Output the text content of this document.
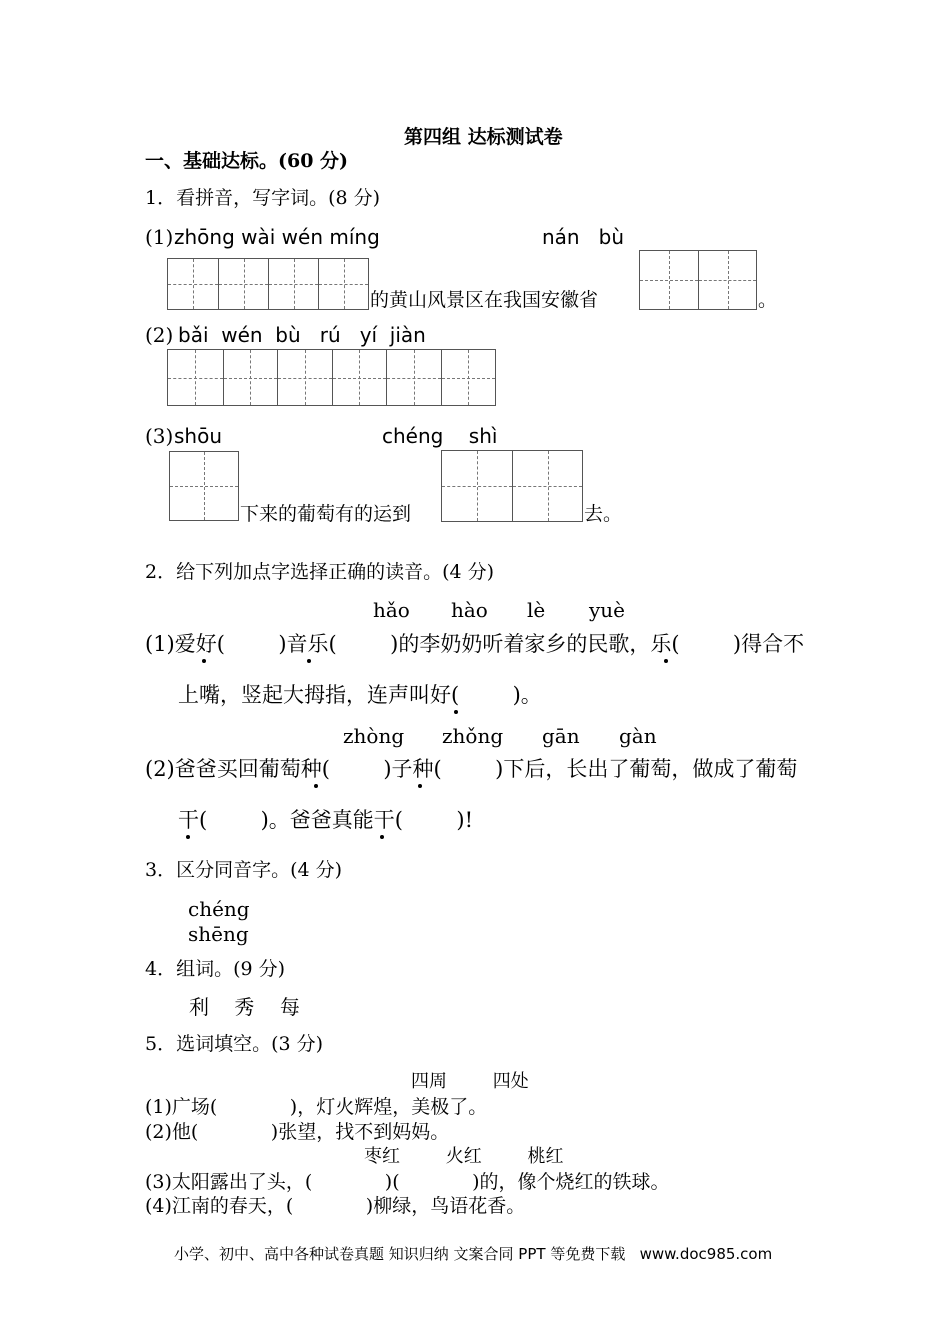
第四组 达标测试卷
一、基础达标。(60 分)
1．看拼音，写字词。(8 分)
(1) zhōng wài wén míng	nán   bù
的黄山风景区在我国安徽省	。
(2) bǎi  wén  bù   rú   yí  jiàn
(3) shōu	chéng    shì
下来的葡萄有的运到	去。
2．给下列加点字选择正确的读音。(4 分)
hǎo hào lè yuè
(1)爱好(        )音乐(        )的李奶奶听着家乡的民歌，乐(        )得合不
上嘴，竖起大拇指，连声叫好(        )。
zhòng zhǒng gān gàn
(2)爸爸买回葡萄种(        )子种(        )下后，长出了葡萄，做成了葡萄
干(        )。爸爸真能干(        )!
3．区分同音字。(4 分)
chéng
shēng
4．组词。(9 分)
利    秀    每
5．选词填空。(3 分)
四周        四处
(1)广场(            )，灯火辉煌，美极了。
(2)他(            )张望，找不到妈妈。
枣红        火红        桃红
(3)太阳露出了头，(            )(            )的，像个烧红的铁球。
(4)江南的春天，(            )柳绿，鸟语花香。
小学、初中、高中各种试卷真题 知识归纳 文案合同 PPT 等免费下载   www.doc985.com
